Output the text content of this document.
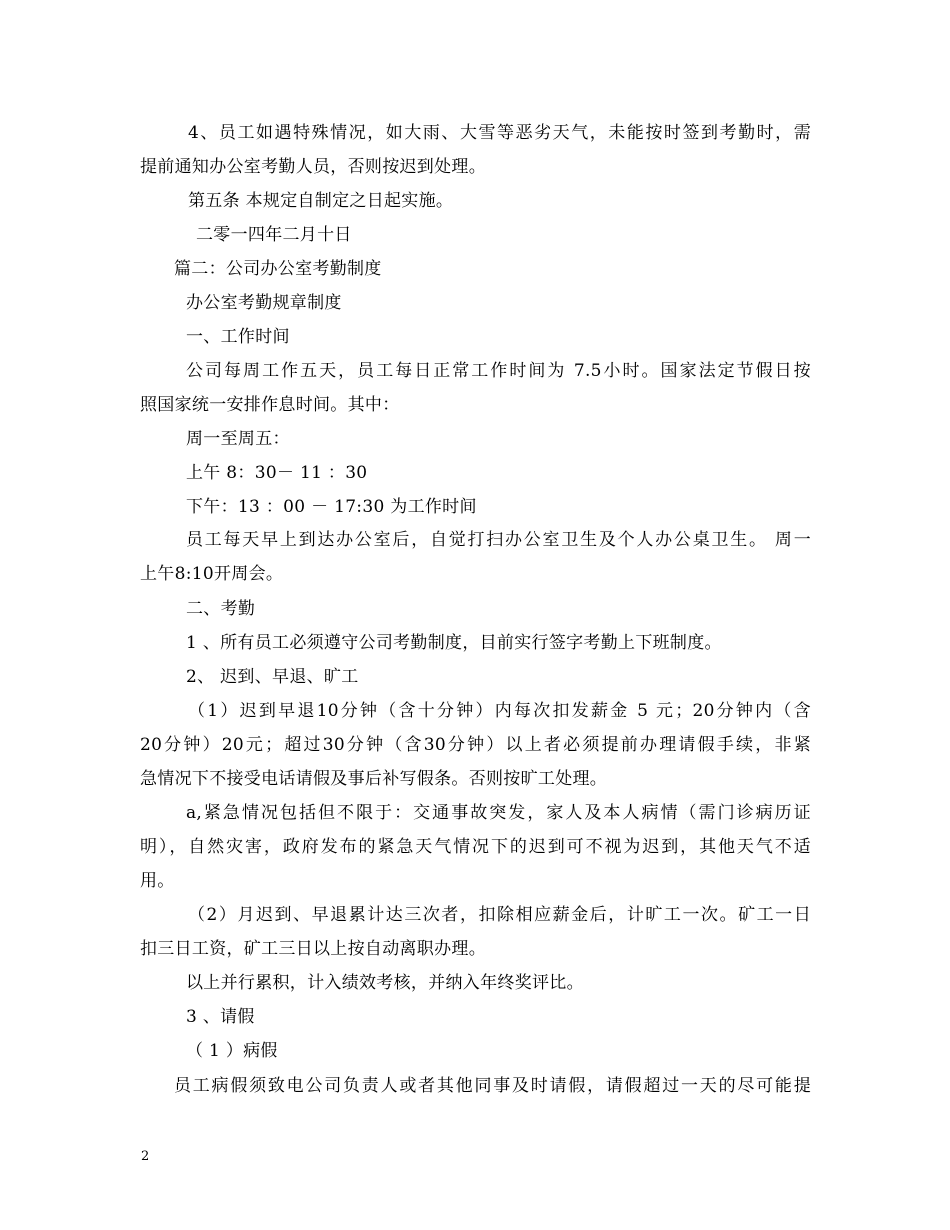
4、员工如遇特殊情况，如大雨、大雪等恶劣天气，未能按时签到考勤时，需
提前通知办公室考勤人员，否则按迟到处理。
第五条 本规定自制定之日起实施。
二零一四年二月十日
篇二：公司办公室考勤制度
办公室考勤规章制度
一、工作时间
公司每周工作五天，员工每日正常工作时间为 7.5小时。国家法定节假日按
照国家统一安排作息时间。其中：
周一至周五：
上午 8：30－ 11 ：30
下午：13 ：00 － 17:30 为工作时间
员工每天早上到达办公室后，自觉打扫办公室卫生及个人办公桌卫生。 周一
上午8:10开周会。
二、考勤
1 、所有员工必须遵守公司考勤制度，目前实行签字考勤上下班制度。
2、 迟到、早退、旷工
（1）迟到早退10分钟（含十分钟）内每次扣发薪金 5 元；20分钟内（含
20分钟）20元；超过30分钟（含30分钟）以上者必须提前办理请假手续，非紧
急情况下不接受电话请假及事后补写假条。否则按旷工处理。
a,紧急情况包括但不限于：交通事故突发，家人及本人病情（需门诊病历证
明），自然灾害，政府发布的紧急天气情况下的迟到可不视为迟到，其他天气不适
用。
（2）月迟到、早退累计达三次者，扣除相应薪金后，计旷工一次。矿工一日
扣三日工资，矿工三日以上按自动离职办理。
以上并行累积，计入绩效考核，并纳入年终奖评比。
3 、请假
（ 1 ）病假
员工病假须致电公司负责人或者其他同事及时请假，请假超过一天的尽可能提
2
